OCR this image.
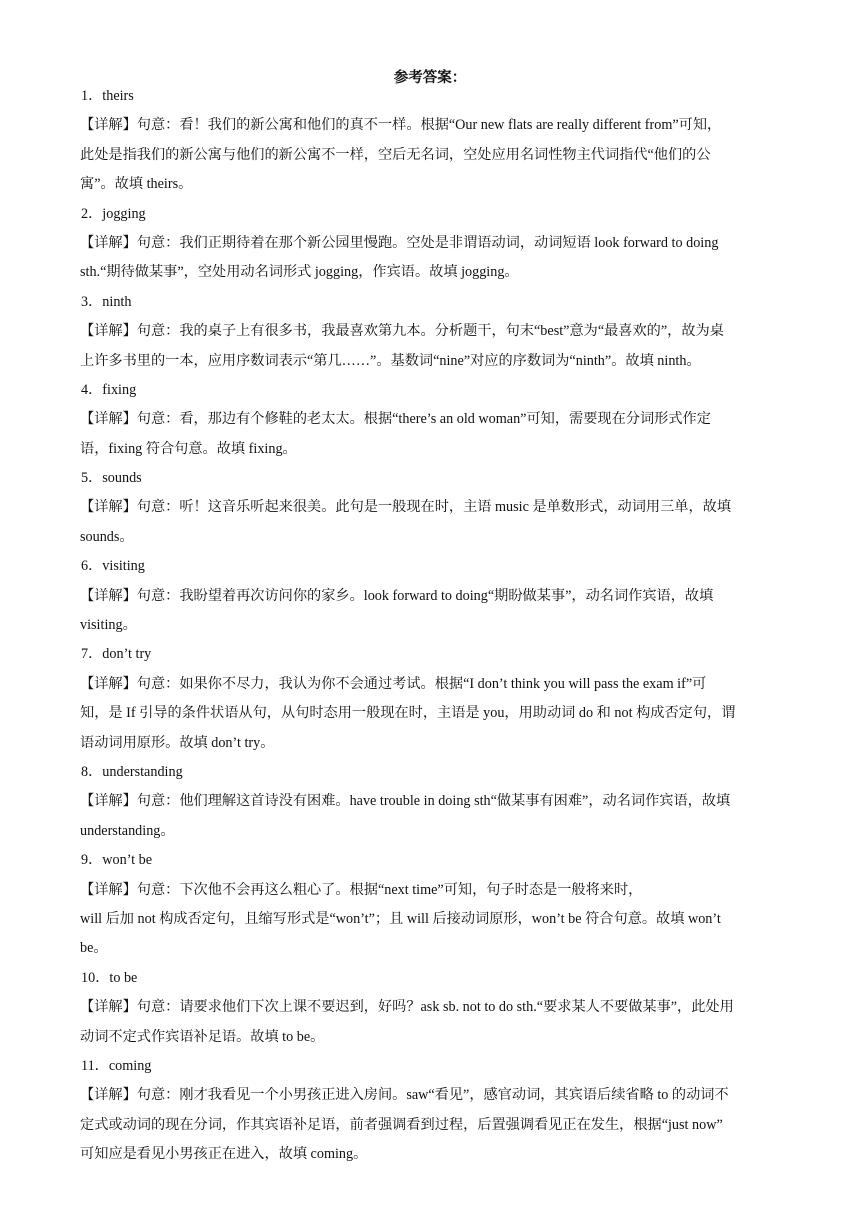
参考答案：
1．theirs
【详解】句意：看！我们的新公寓和他们的真不一样。根据“Our new flats are really different from”可知，
此处是指我们的新公寓与他们的新公寓不一样，空后无名词，空处应用名词性物主代词指代“他们的公
寓”。故填 theirs。
2．jogging
【详解】句意：我们正期待着在那个新公园里慢跑。空处是非谓语动词，动词短语 look forward to doing
sth.“期待做某事”，空处用动名词形式 jogging，作宾语。故填 jogging。
3．ninth
【详解】句意：我的桌子上有很多书，我最喜欢第九本。分析题干，句末“best”意为“最喜欢的”，故为桌
上许多书里的一本，应用序数词表示“第几……”。基数词“nine”对应的序数词为“ninth”。故填 ninth。
4．fixing
【详解】句意：看，那边有个修鞋的老太太。根据“there’s an old woman”可知，需要现在分词形式作定
语，fixing 符合句意。故填 fixing。
5．sounds
【详解】句意：听！这音乐听起来很美。此句是一般现在时，主语 music 是单数形式，动词用三单，故填
sounds。
6．visiting
【详解】句意：我盼望着再次访问你的家乡。look forward to doing“期盼做某事”，动名词作宾语，故填
visiting。
7．don’t try
【详解】句意：如果你不尽力，我认为你不会通过考试。根据“I don’t think you will pass the exam if”可
知，是 If 引导的条件状语从句，从句时态用一般现在时，主语是 you，用助动词 do 和 not 构成否定句，谓
语动词用原形。故填 don’t try。
8．understanding
【详解】句意：他们理解这首诗没有困难。have trouble in doing sth“做某事有困难”，动名词作宾语，故填
understanding。
9．won’t be
【详解】句意：下次他不会再这么粗心了。根据“next time”可知，句子时态是一般将来时，
will 后加 not 构成否定句，且缩写形式是“won’t”；且 will 后接动词原形，won’t be 符合句意。故填 won’t
be。
10．to be
【详解】句意：请要求他们下次上课不要迟到，好吗？ask sb. not to do sth.“要求某人不要做某事”，此处用
动词不定式作宾语补足语。故填 to be。
11．coming
【详解】句意：刚才我看见一个小男孩正进入房间。saw“看见”，感官动词，其宾语后续省略 to 的动词不
定式或动词的现在分词，作其宾语补足语，前者强调看到过程，后置强调看见正在发生，根据“just now”
可知应是看见小男孩正在进入，故填 coming。
